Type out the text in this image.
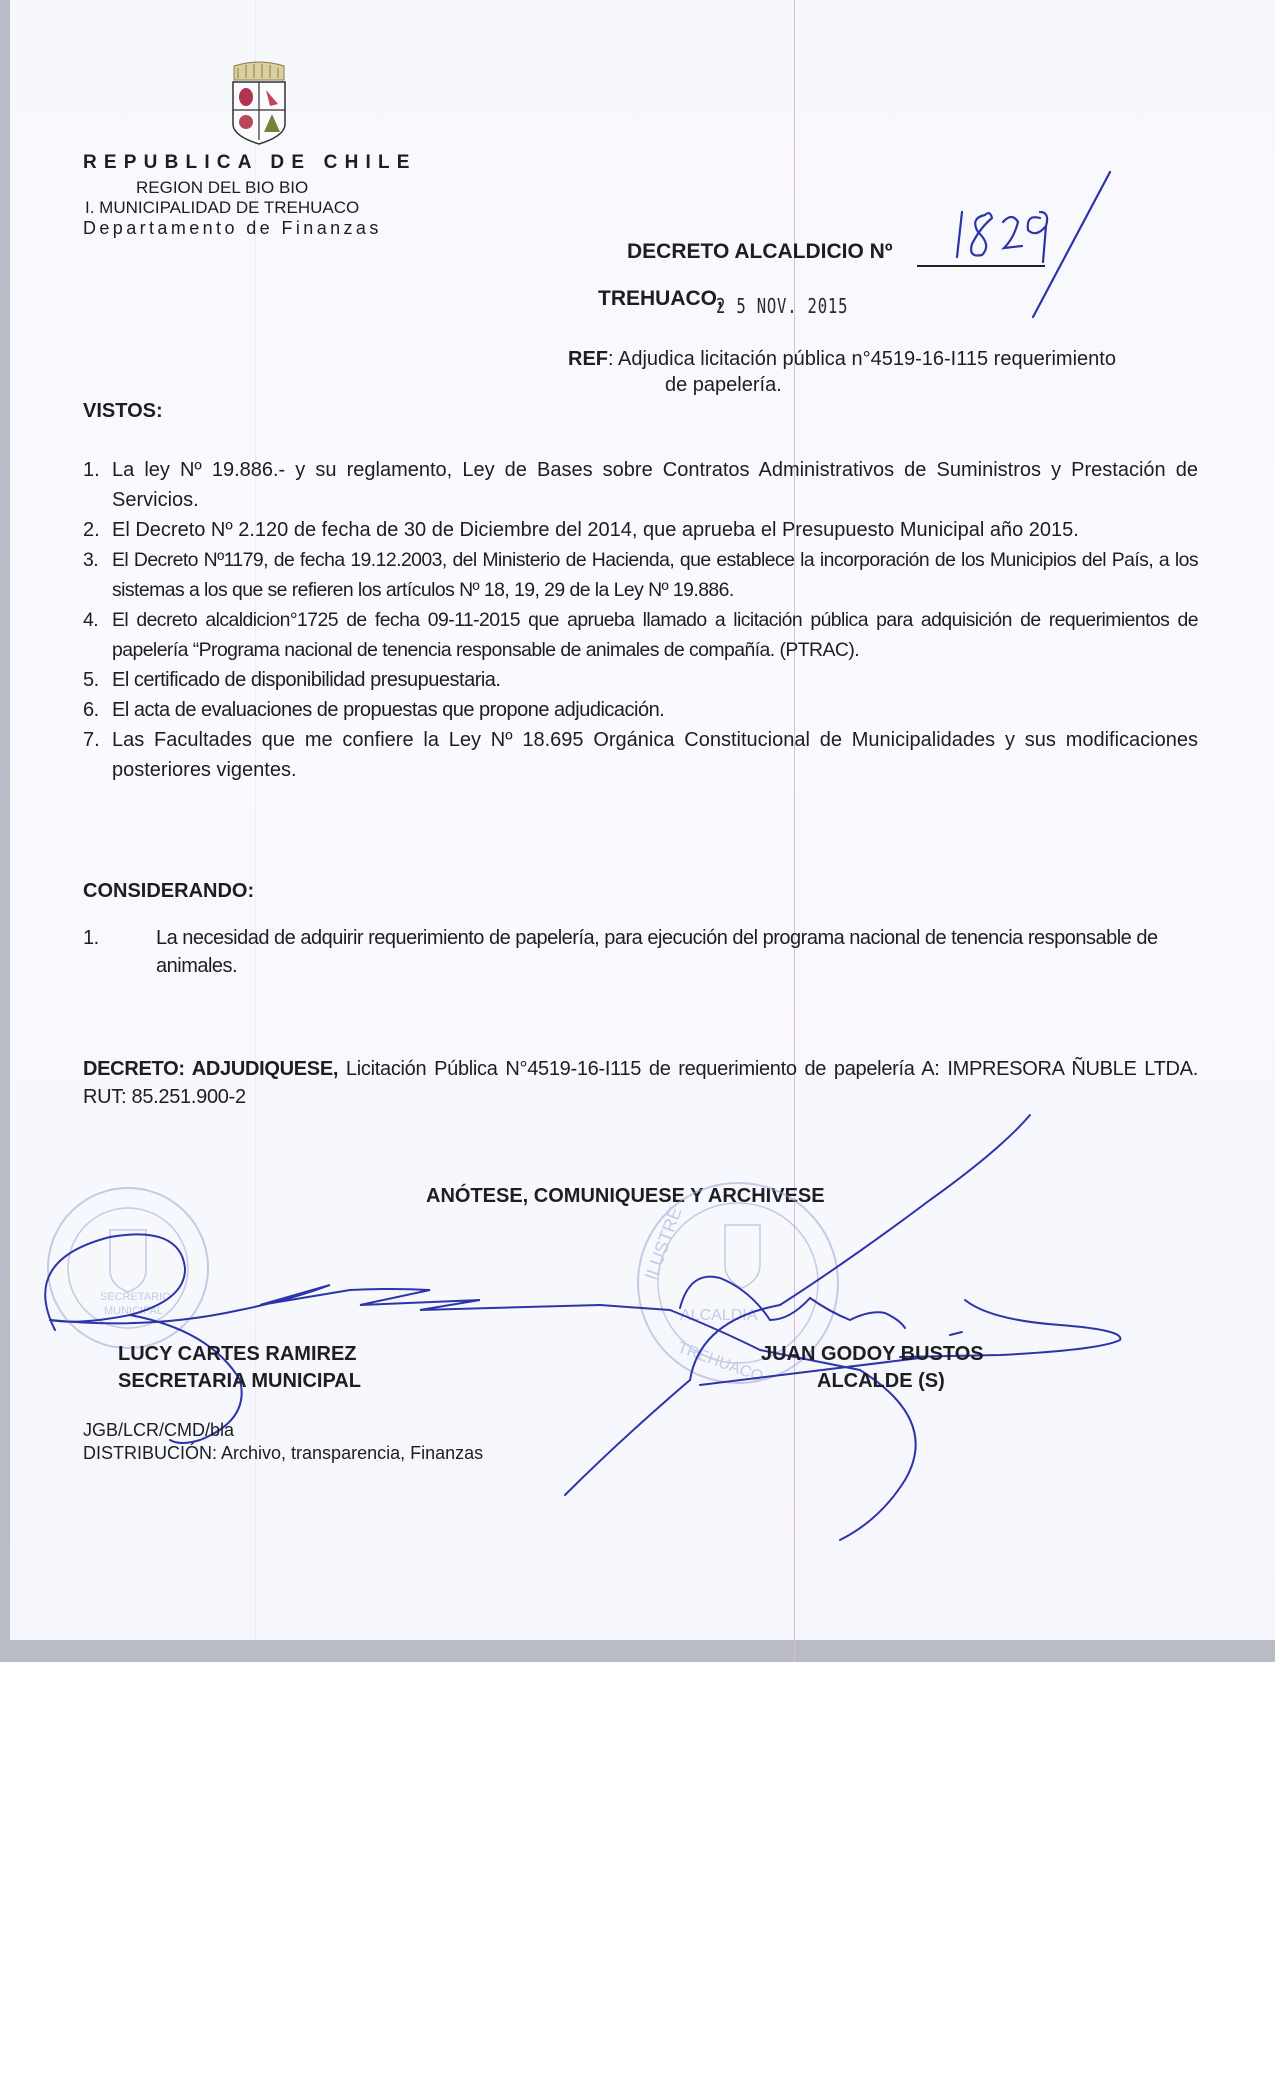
REPUBLICA DE CHILE
REGION DEL BIO BIO
I. MUNICIPALIDAD DE TREHUACO
Departamento de Finanzas
DECRETO ALCALDICIO Nº
TREHUACO,
2 5 NOV. 2015
REF: Adjudica licitación pública n°4519-16-I115 requerimiento
de papelería.
VISTOS:
1. La ley Nº 19.886.- y su reglamento, Ley de Bases sobre Contratos Administrativos de Suministros y Prestación de Servicios.
2. El Decreto Nº 2.120 de fecha de 30 de Diciembre del 2014, que aprueba el Presupuesto Municipal año 2015.
3. El Decreto Nº1179, de fecha 19.12.2003, del Ministerio de Hacienda, que establece la incorporación de los Municipios del País, a los sistemas a los que se refieren los artículos Nº 18, 19, 29 de la Ley Nº 19.886.
4. El decreto alcaldicion°1725 de fecha 09-11-2015 que aprueba llamado a licitación pública para adquisición de requerimientos de papelería “Programa nacional de tenencia responsable de animales de compañía. (PTRAC).
5. El certificado de disponibilidad presupuestaria.
6. El acta de evaluaciones de propuestas que propone adjudicación.
7. Las Facultades que me confiere la Ley Nº 18.695 Orgánica Constitucional de Municipalidades y sus modificaciones posteriores vigentes.
CONSIDERANDO:
1.	La necesidad de adquirir requerimiento de papelería, para ejecución del programa nacional de tenencia responsable de animales.
DECRETO: ADJUDIQUESE, Licitación Pública N°4519-16-I115 de requerimiento de papelería A: IMPRESORA ÑUBLE LTDA. RUT: 85.251.900-2
ANÓTESE, COMUNIQUESE Y ARCHIVESE
SECRETARIO
MUNICIPAL	ALCALDIA
TREHUACO
ILUSTRE
LUCY CARTES RAMIREZ
SECRETARIA MUNICIPAL
JUAN GODOY BUSTOS
ALCALDE (S)
JGB/LCR/CMD/bla
DISTRIBUCIÓN: Archivo, transparencia, Finanzas
